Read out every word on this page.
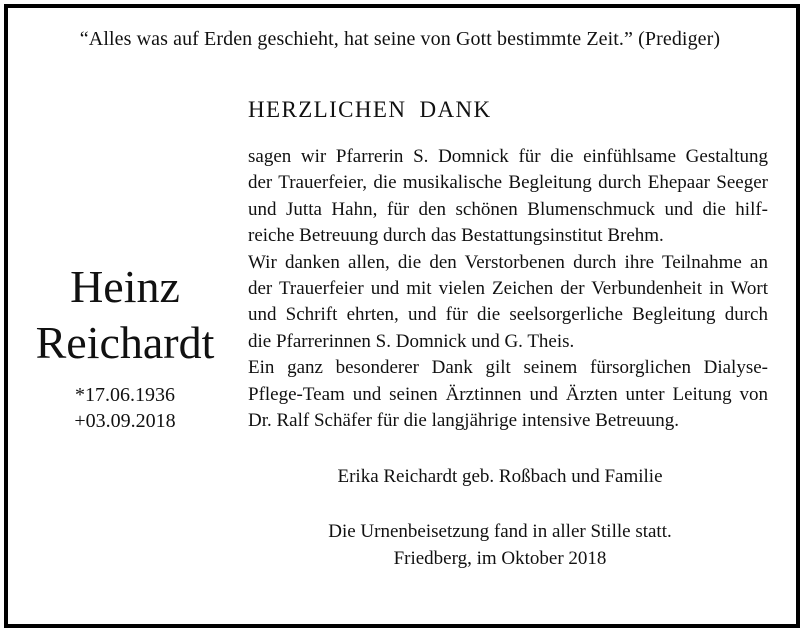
“Alles was auf Erden geschieht, hat seine von Gott bestimmte Zeit.” (Prediger)
HERZLICHEN DANK
Heinz
Reichardt
*17.06.1936
+03.09.2018
sagen wir Pfarrerin S. Domnick für die einfühlsame Gestaltung
der Trauerfeier, die musikalische Begleitung durch Ehepaar Seeger
und Jutta Hahn, für den schönen Blumenschmuck und die hilf-
reiche Betreuung durch das Bestattungsinstitut Brehm.
Wir danken allen, die den Verstorbenen durch ihre Teilnahme an
der Trauerfeier und mit vielen Zeichen der Verbundenheit in Wort
und Schrift ehrten, und für die seelsorgerliche Begleitung durch
die Pfarrerinnen S. Domnick und G. Theis.
Ein ganz besonderer Dank gilt seinem fürsorglichen Dialyse-
Pflege-Team und seinen Ärztinnen und Ärzten unter Leitung von
Dr. Ralf Schäfer für die langjährige intensive Betreuung.
Erika Reichardt geb. Roßbach und Familie
Die Urnenbeisetzung fand in aller Stille statt.
Friedberg, im Oktober 2018
